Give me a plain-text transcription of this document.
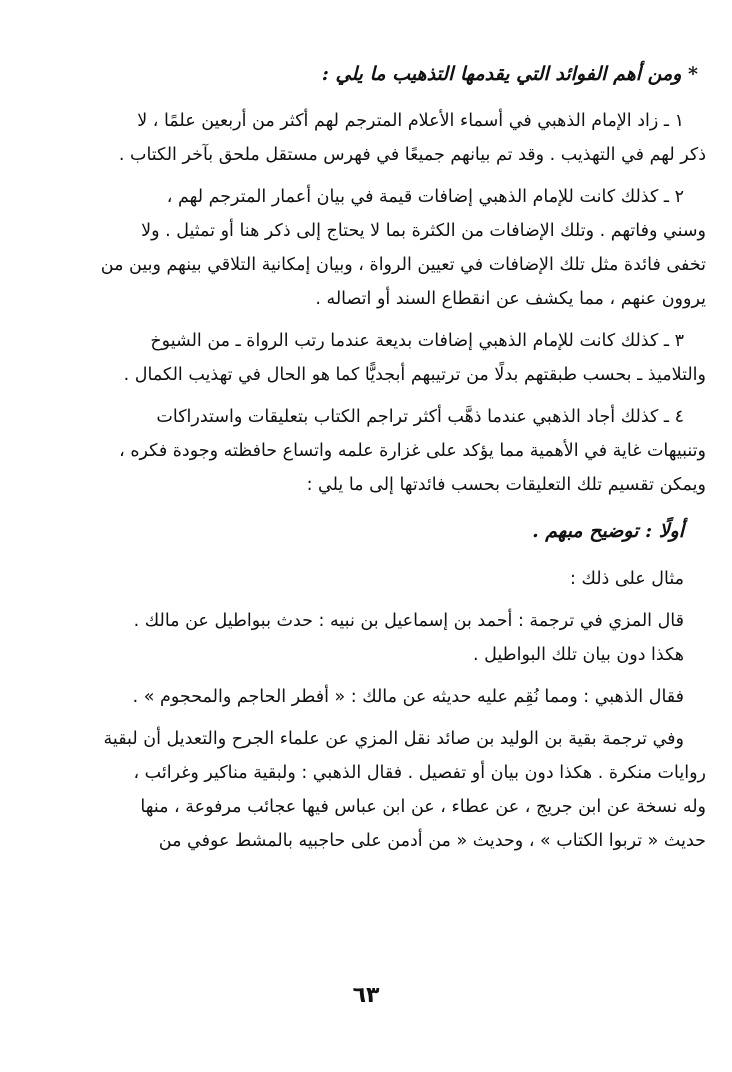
* ومن أهم الفوائد التي يقدمها التذهيب ما يلي :
١ ـ زاد الإمام الذهبي في أسماء الأعلام المترجم لهم أكثر من أربعين علمًا ، لا
ذكر لهم في التهذيب . وقد تم بيانهم جميعًا في فهرس مستقل ملحق بآخر الكتاب .
٢ ـ كذلك كانت للإمام الذهبي إضافات قيمة في بيان أعمار المترجم لهم ،
وسني وفاتهم . وتلك الإضافات من الكثرة بما لا يحتاج إلى ذكر هنا أو تمثيل . ولا
تخفى فائدة مثل تلك الإضافات في تعيين الرواة ، وبيان إمكانية التلاقي بينهم وبين من
يروون عنهم ، مما يكشف عن انقطاع السند أو اتصاله .
٣ ـ كذلك كانت للإمام الذهبي إضافات بديعة عندما رتب الرواة ـ من الشيوخ
والتلاميذ ـ بحسب طبقتهم بدلًا من ترتيبهم أبجديًّا كما هو الحال في تهذيب الكمال .
٤ ـ كذلك أجاد الذهبي عندما ذهَّب أكثر تراجم الكتاب بتعليقات واستدراكات
وتنبيهات غاية في الأهمية مما يؤكد على غزارة علمه واتساع حافظته وجودة فكره ،
ويمكن تقسيم تلك التعليقات بحسب فائدتها إلى ما يلي :
أولًا : توضيح مبهم .
مثال على ذلك :
قال المزي في ترجمة : أحمد بن إسماعيل بن نبيه : حدث ببواطيل عن مالك .
هكذا دون بيان تلك البواطيل .
فقال الذهبي : ومما نُقِم عليه حديثه عن مالك : « أفطر الحاجم والمحجوم » .
وفي ترجمة بقية بن الوليد بن صائد نقل المزي عن علماء الجرح والتعديل أن لبقية
روايات منكرة . هكذا دون بيان أو تفصيل . فقال الذهبي : ولبقية مناكير وغرائب ،
وله نسخة عن ابن جريج ، عن عطاء ، عن ابن عباس فيها عجائب مرفوعة ، منها
حديث « تربوا الكتاب » ، وحديث « من أدمن على حاجبيه بالمشط عوفي من
٦٣
